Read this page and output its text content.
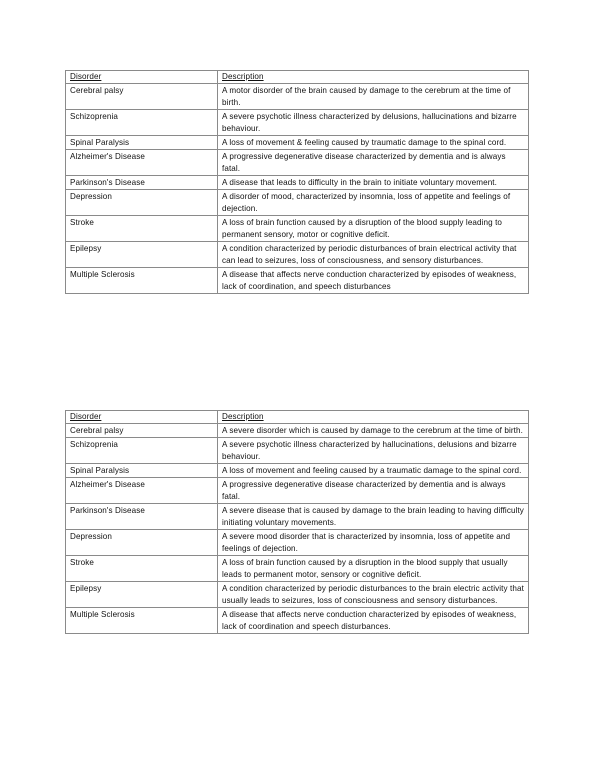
Disorder	Description
Cerebral palsy	A motor disorder of the brain caused by damage to the cerebrum at the time of birth.
Schizoprenia	A severe psychotic illness characterized by delusions, hallucinations and bizarre behaviour.
Spinal Paralysis	A loss of movement & feeling caused by traumatic damage to the spinal cord.
Alzheimer's Disease	A progressive degenerative disease characterized by dementia and is always fatal.
Parkinson's Disease	A disease that leads to difficulty in the brain to initiate voluntary movement.
Depression	A disorder of mood, characterized by insomnia, loss of appetite and feelings of dejection.
Stroke	A loss of brain function caused by a disruption of the blood supply leading to permanent sensory, motor or cognitive deficit.
Epilepsy	A condition characterized by periodic disturbances of brain electrical activity that can lead to seizures, loss of consciousness, and sensory disturbances.
Multiple Sclerosis	A disease that affects nerve conduction characterized by episodes of weakness, lack of coordination, and speech disturbances
Disorder	Description
Cerebral palsy	A severe disorder which is caused by damage to the cerebrum at the time of birth.
Schizoprenia	A severe psychotic illness characterized by hallucinations, delusions and bizarre behaviour.
Spinal Paralysis	A loss of movement and feeling caused by a traumatic damage to the spinal cord.
Alzheimer's Disease	A progressive degenerative disease characterized by dementia and is always fatal.
Parkinson's Disease	A severe disease that is caused by damage to the brain leading to having difficulty initiating voluntary movements.
Depression	A severe mood disorder that is characterized by insomnia, loss of appetite and feelings of dejection.
Stroke	A loss of brain function caused by a disruption in the blood supply that usually leads to permanent motor, sensory or cognitive deficit.
Epilepsy	A condition characterized by periodic disturbances to the brain electric activity that usually leads to seizures, loss of consciousness and sensory disturbances.
Multiple Sclerosis	A disease that affects nerve conduction characterized by episodes of weakness, lack of coordination and speech disturbances.
